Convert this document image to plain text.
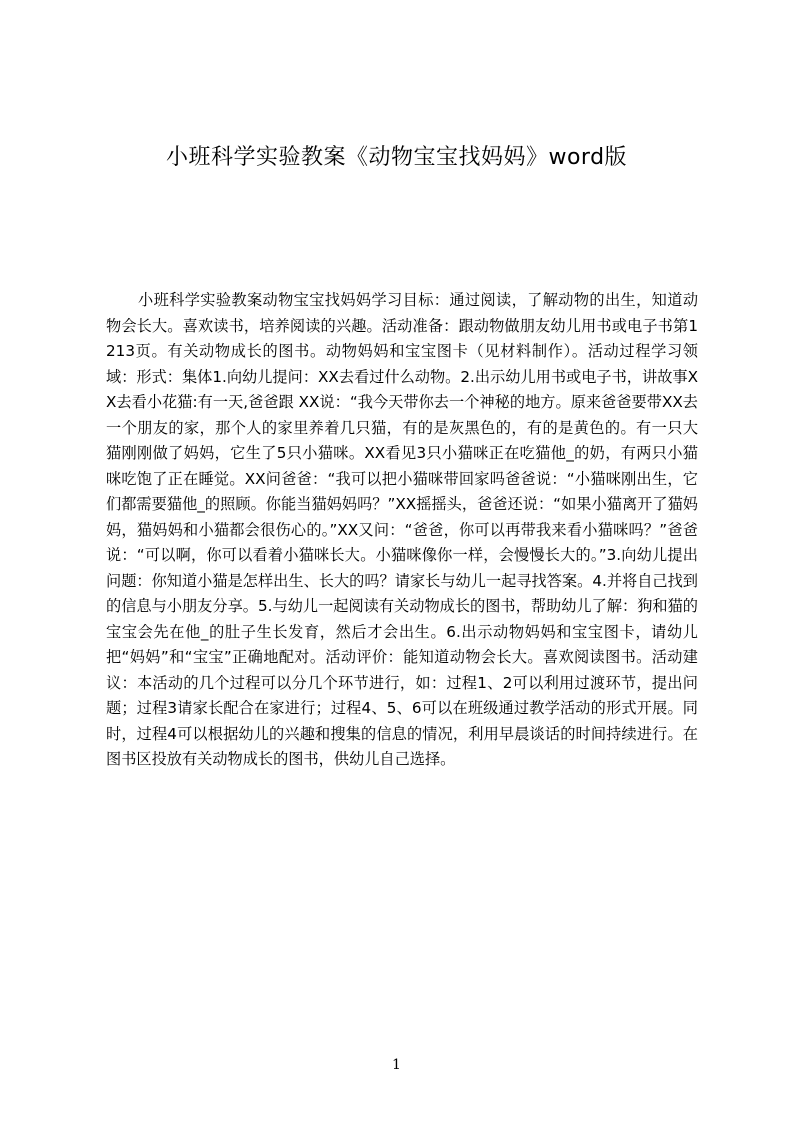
小班科学实验教案《动物宝宝找妈妈》word版

小班科学实验教案动物宝宝找妈妈学习目标：通过阅读，了解动物的出生，知道动物会长大。喜欢读书，培养阅读的兴趣。活动准备：跟动物做朋友幼儿用书或电子书第1213页。有关动物成长的图书。动物妈妈和宝宝图卡（见材料制作）。活动过程学习领域：形式：集体1.向幼儿提问：XX去看过什么动物。2.出示幼儿用书或电子书，讲故事XX去看小花猫:有一天,爸爸跟 XX说：“我今天带你去一个神秘的地方。原来爸爸要带XX去一个朋友的家，那个人的家里养着几只猫，有的是灰黑色的，有的是黄色的。有一只大猫刚刚做了妈妈，它生了5只小猫咪。XX看见3只小猫咪正在吃猫他_的奶，有两只小猫咪吃饱了正在睡觉。XX问爸爸：“我可以把小猫咪带回家吗爸爸说：“小猫咪刚出生，它们都需要猫他_的照顾。你能当猫妈妈吗？”XX摇摇头，爸爸还说：“如果小猫离开了猫妈妈，猫妈妈和小猫都会很伤心的。”XX又问：“爸爸，你可以再带我来看小猫咪吗？”爸爸说：“可以啊，你可以看着小猫咪长大。小猫咪像你一样，会慢慢长大的。”3.向幼儿提出问题：你知道小猫是怎样出生、长大的吗？请家长与幼儿一起寻找答案。4.并将自己找到的信息与小朋友分享。5.与幼儿一起阅读有关动物成长的图书，帮助幼儿了解：狗和猫的宝宝会先在他_的肚子生长发育，然后才会出生。6.出示动物妈妈和宝宝图卡，请幼儿把“妈妈”和“宝宝”正确地配对。活动评价：能知道动物会长大。喜欢阅读图书。活动建议：本活动的几个过程可以分几个环节进行，如：过程1、2可以利用过渡环节，提出问题；过程3请家长配合在家进行；过程4、5、6可以在班级通过教学活动的形式开展。同时，过程4可以根据幼儿的兴趣和搜集的信息的情况，利用早晨谈话的时间持续进行。在图书区投放有关动物成长的图书，供幼儿自己选择。

1
